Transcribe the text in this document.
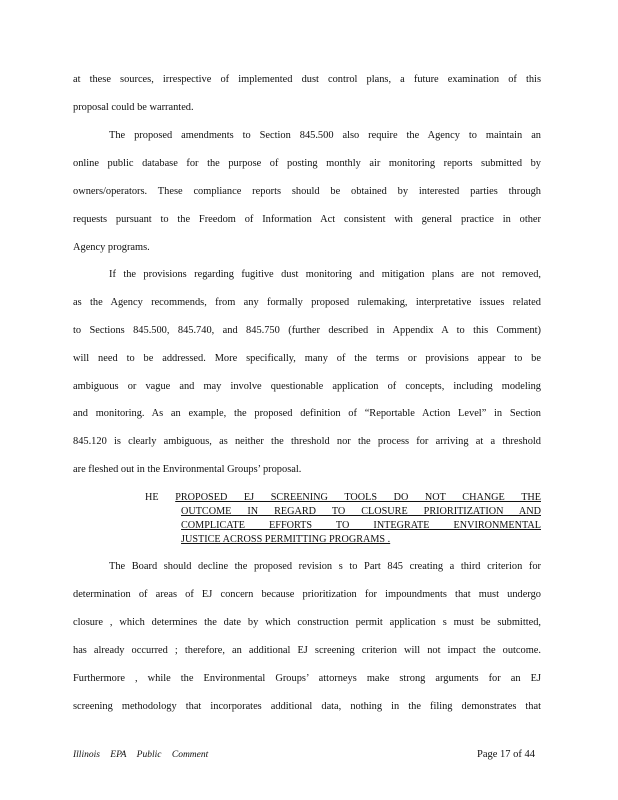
at these sources, irrespective of implemented dust control plans, a future examination of this
proposal could be warranted.
The proposed amendments to Section 845.500 also require the Agency to maintain an
online public database for the purpose of posting monthly air monitoring reports submitted by
owners/operators. These compliance reports should be obtained by interested parties through
requests pursuant to the Freedom of Information Act consistent with general practice in other
Agency programs.
If the provisions regarding fugitive dust monitoring and mitigation plans are not removed,
as the Agency recommends, from any formally proposed rulemaking, interpretative issues related
to Sections 845.500, 845.740, and 845.750 (further described in Appendix A to this Comment)
will need to be addressed. More specifically, many of the terms or provisions appear to be
ambiguous or vague and may involve questionable application of concepts, including modeling
and monitoring. As an example, the proposed definition of “Reportable Action Level” in Section
845.120 is clearly ambiguous, as neither the threshold nor the process for arriving at a threshold
are fleshed out in the Environmental Groups’ proposal.
HE PROPOSED EJ SCREENING TOOLS DO NOT CHANGE THE
OUTCOME IN REGARD TO CLOSURE PRIORITIZATION AND
COMPLICATE EFFORTS TO INTEGRATE ENVIRONMENTAL
JUSTICE ACROSS PERMITTING PROGRAMS .
The Board should decline the proposed revision s to Part 845 creating a third criterion for
determination of areas of EJ concern because prioritization for impoundments that must undergo
closure , which determines the date by which construction permit application s must be submitted,
has already occurred ; therefore, an additional EJ screening criterion will not impact the outcome.
Furthermore , while the Environmental Groups’ attorneys make strong arguments for an EJ
screening methodology that incorporates additional data, nothing in the filing demonstrates that
Illinois EPA Public Comment	Page 17 of 44
